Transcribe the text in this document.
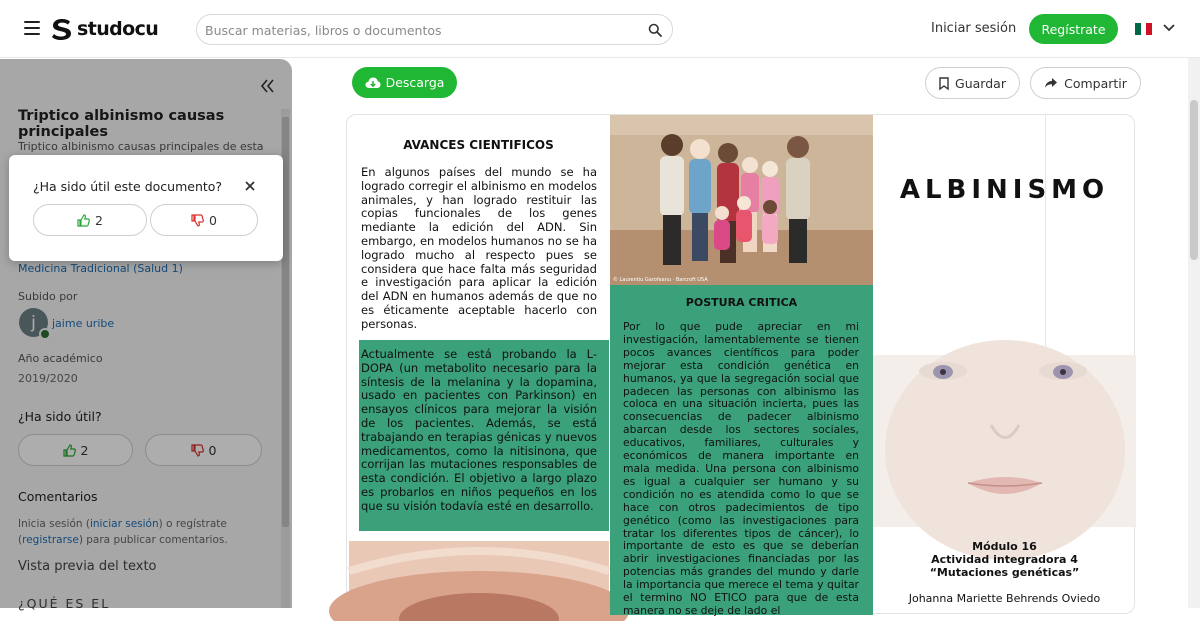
studocu
Buscar materias, libros o documentos	Iniciar sesión	Regístrate
Triptico albinismo causas principales
Triptico albinismo causas principales de esta
Medicina Tradicional (Salud 1)
Subido por
j	jaime uribe
Año académico
2019/2020
¿Ha sido útil?
2	0
Comentarios
Inicia sesión (iniciar sesión) o regístrate (registrarse) para publicar comentarios.
Vista previa del texto
¿QUÉ ES EL
¿Ha sido útil este documento?
2	0
Descarga	Guardar	Compartir
AVANCES CIENTIFICOS
En algunos países del mundo se ha logrado corregir el albinismo en modelos animales, y han logrado restituir las copias funcionales de los genes mediante la edición del ADN. Sin embargo, en modelos humanos no se ha logrado mucho al respecto pues se considera que hace falta más seguridad e investigación para aplicar la edición del ADN en humanos además de que no es éticamente aceptable hacerlo con personas.
Actualmente se está probando la L-DOPA (un metabolito necesario para la síntesis de la melanina y la dopamina, usado en pacientes con Parkinson) en ensayos clínicos para mejorar la visión de los pacientes. Además, se está trabajando en terapias génicas y nuevos medicamentos, como la nitisinona, que corrijan las mutaciones responsables de esta condición. El objetivo a largo plazo es probarlos en niños pequeños en los que su visión todavía esté en desarrollo.
© Laurentiu Garofeanu · Barcroft USA
POSTURA CRITICA
Por lo que pude apreciar en mi investigación, lamentablemente se tienen pocos avances científicos para poder mejorar esta condición genética en humanos, ya que la segregación social que padecen las personas con albinismo las coloca en una situación incierta, pues las consecuencias de padecer albinismo abarcan desde los sectores sociales, educativos, familiares, culturales y económicos de manera importante en mala medida. Una persona con albinismo es igual a cualquier ser humano y su condición no es atendida como lo que se hace con otros padecimientos de tipo genético (como las investigaciones para tratar los diferentes tipos de cáncer), lo importante de esto es que se deberían abrir investigaciones financiadas por las potencias más grandes del mundo y darle la importancia que merece el tema y quitar el termino NO ETICO para que de esta manera no se deje de lado el
ALBINISMO
Módulo 16
Actividad integradora 4
“Mutaciones genéticas”
Johanna Mariette Behrends Oviedo
